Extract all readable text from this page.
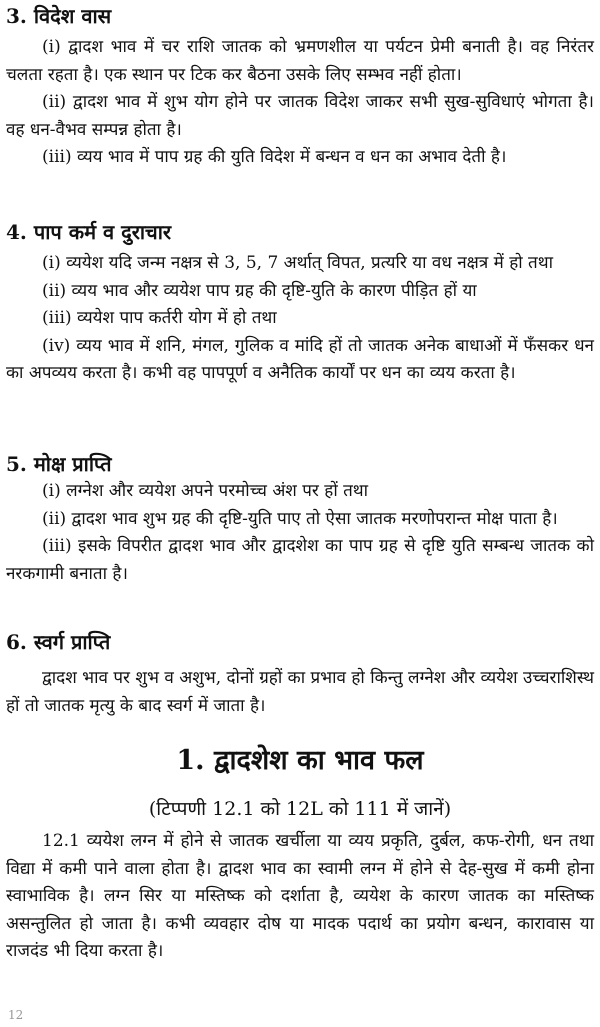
3. विदेश वास

(i) द्वादश भाव में चर राशि जातक को भ्रमणशील या पर्यटन प्रेमी बनाती है। वह निरंतर चलता रहता है। एक स्थान पर टिक कर बैठना उसके लिए सम्भव नहीं होता।

(ii) द्वादश भाव में शुभ योग होने पर जातक विदेश जाकर सभी सुख-सुविधाएं भोगता है। वह धन-वैभव सम्पन्न होता है।

(iii) व्यय भाव में पाप ग्रह की युति विदेश में बन्धन व धन का अभाव देती है।

4. पाप कर्म व दुराचार

(i) व्ययेश यदि जन्म नक्षत्र से 3, 5, 7 अर्थात् विपत, प्रत्यरि या वध नक्षत्र में हो तथा

(ii) व्यय भाव और व्ययेश पाप ग्रह की दृष्टि-युति के कारण पीड़ित हों या

(iii) व्ययेश पाप कर्तरी योग में हो तथा

(iv) व्यय भाव में शनि, मंगल, गुलिक व मांदि हों तो जातक अनेक बाधाओं में फँसकर धन का अपव्यय करता है। कभी वह पापपूर्ण व अनैतिक कार्यों पर धन का व्यय करता है।

5. मोक्ष प्राप्ति

(i) लग्नेश और व्ययेश अपने परमोच्च अंश पर हों तथा

(ii) द्वादश भाव शुभ ग्रह की दृष्टि-युति पाए तो ऐसा जातक मरणोपरान्त मोक्ष पाता है।

(iii) इसके विपरीत द्वादश भाव और द्वादशेश का पाप ग्रह से दृष्टि युति सम्बन्ध जातक को नरकगामी बनाता है।

6. स्वर्ग प्राप्ति

द्वादश भाव पर शुभ व अशुभ, दोनों ग्रहों का प्रभाव हो किन्तु लग्नेश और व्ययेश उच्चराशिस्थ हों तो जातक मृत्यु के बाद स्वर्ग में जाता है।

1. द्वादशेश का भाव फल
(टिप्पणी 12.1 को 12L को 111 में जानें)

12.1 व्ययेश लग्न में होने से जातक खर्चीला या व्यय प्रकृति, दुर्बल, कफ-रोगी, धन तथा विद्या में कमी पाने वाला होता है। द्वादश भाव का स्वामी लग्न में होने से देह-सुख में कमी होना स्वाभाविक है। लग्न सिर या मस्तिष्क को दर्शाता है, व्ययेश के कारण जातक का मस्तिष्क असन्तुलित हो जाता है। कभी व्यवहार दोष या मादक पदार्थ का प्रयोग बन्धन, कारावास या राजदंड भी दिया करता है।

12
